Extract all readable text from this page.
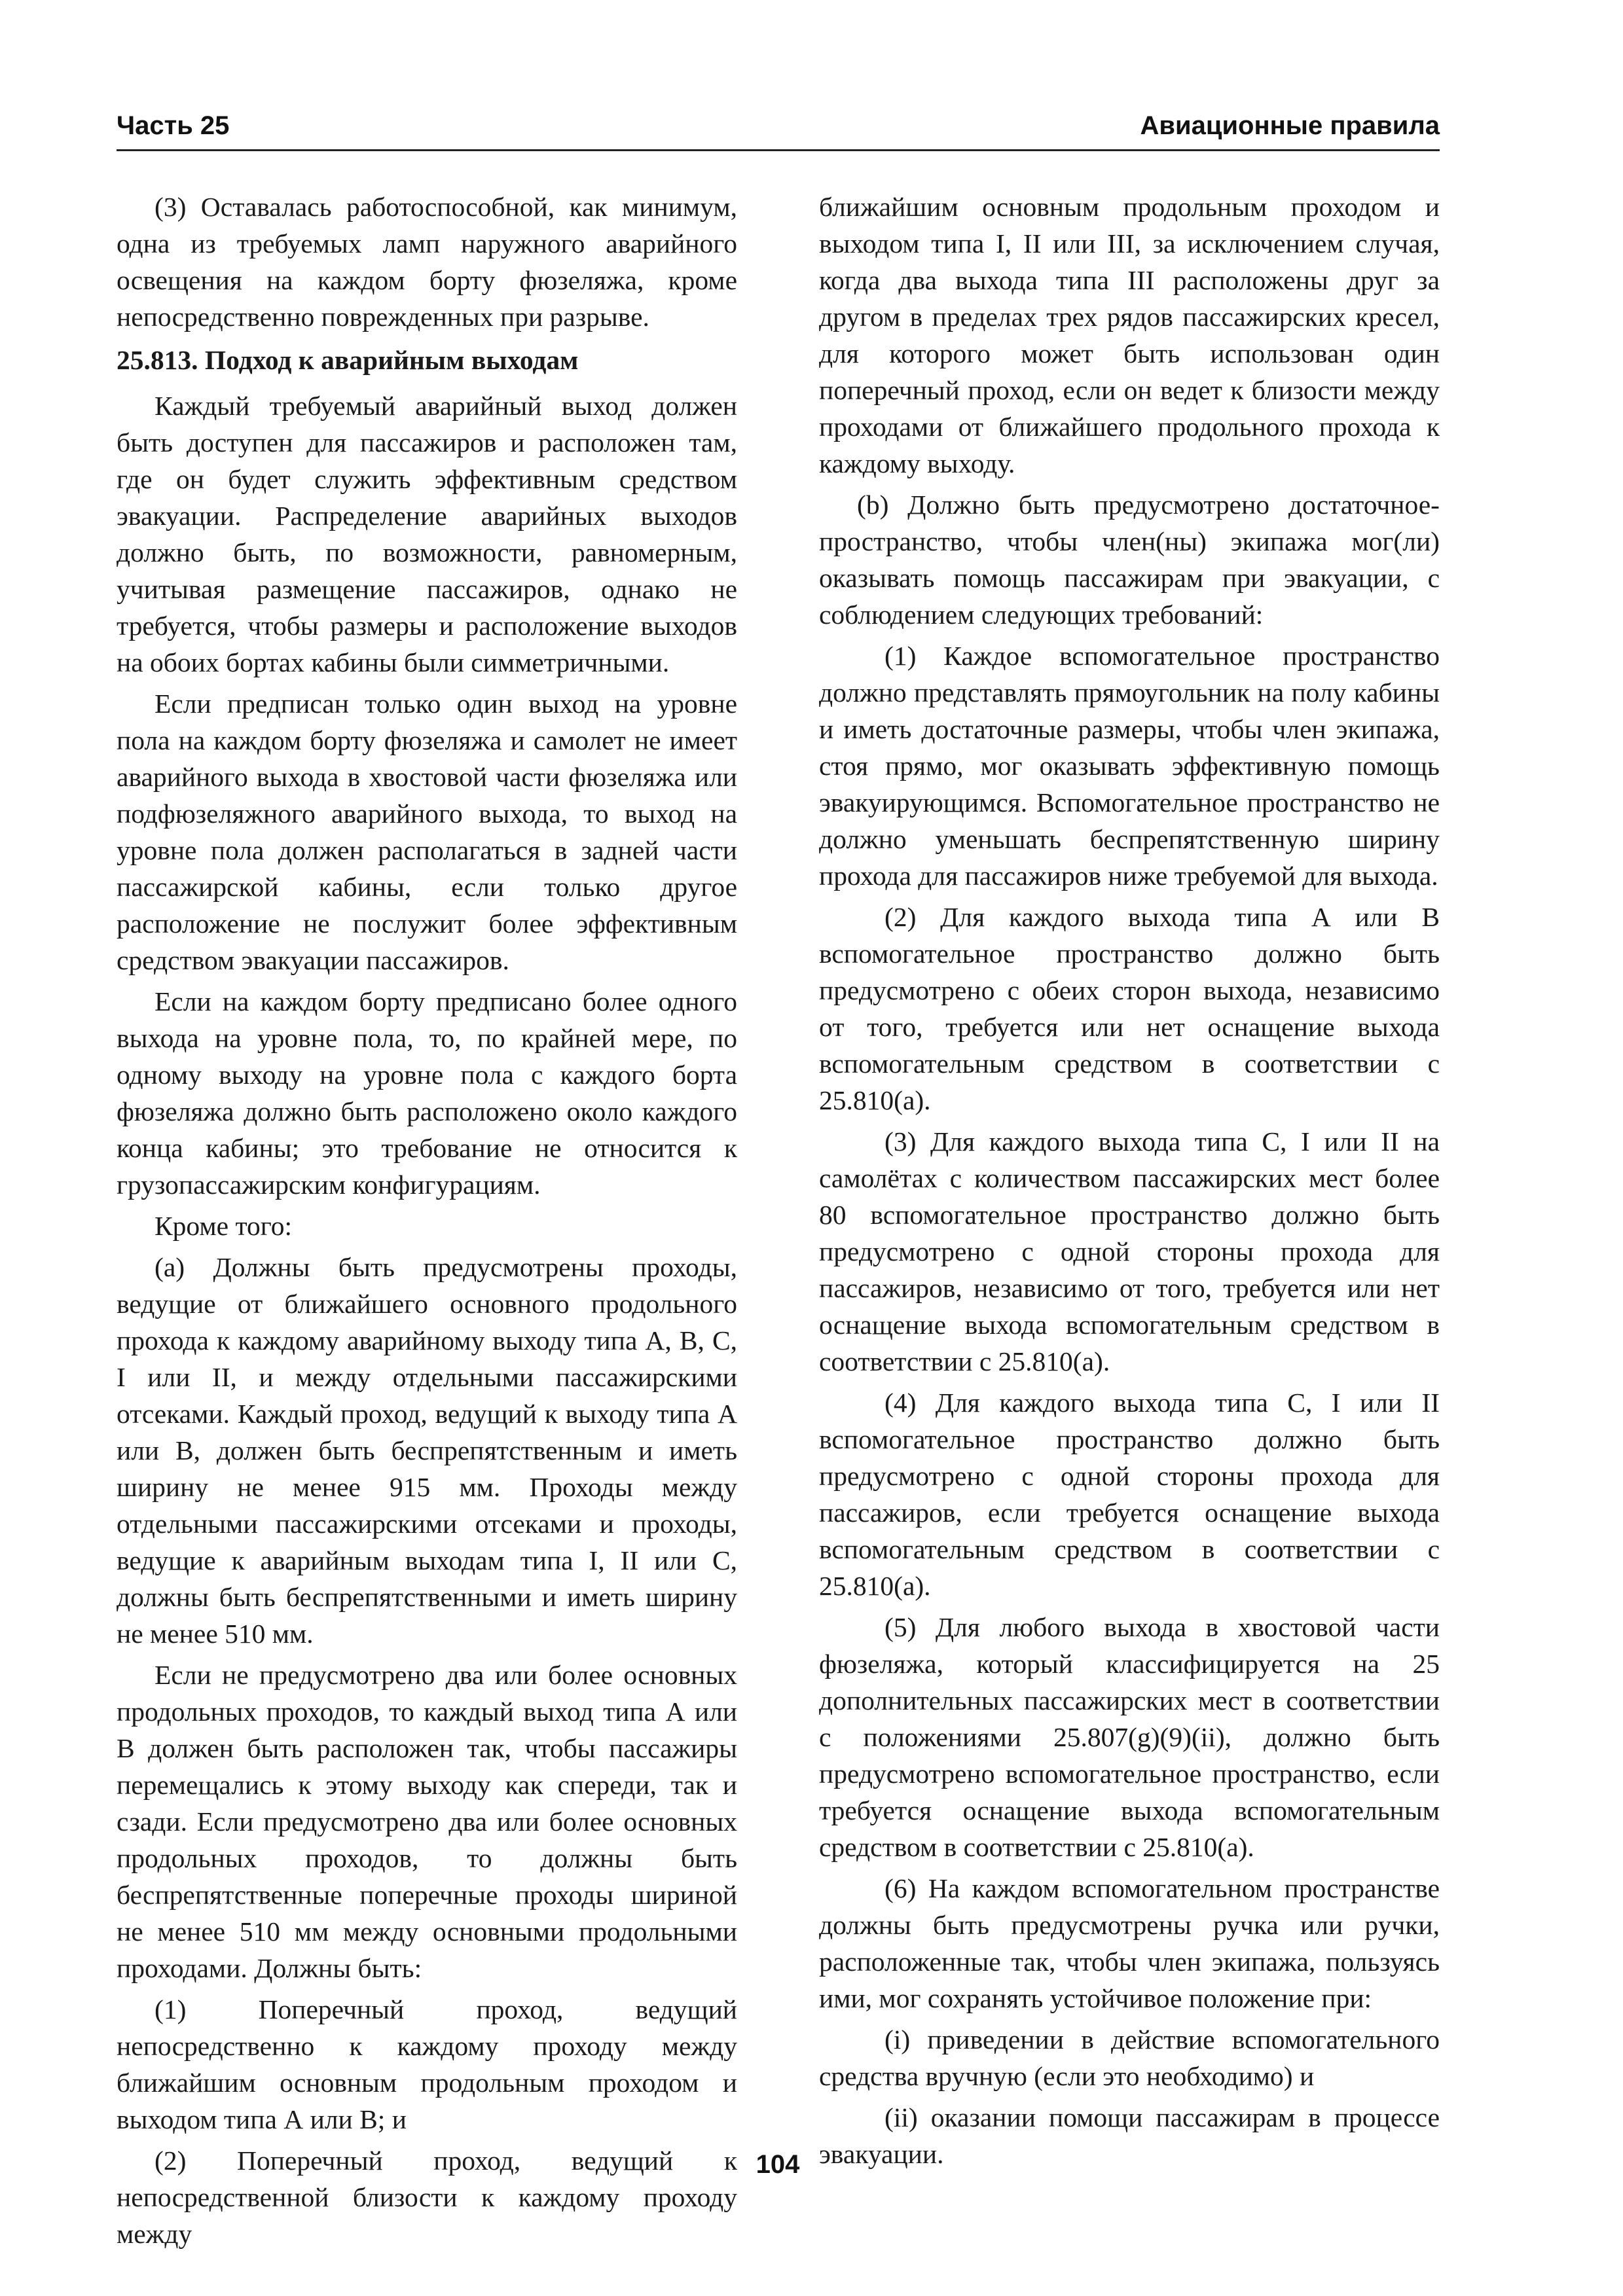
Часть 25	Авиационные правила

(3) Оставалась работоспособной, как минимум, одна из требуемых ламп наружного аварийного освещения на каждом борту фюзеляжа, кроме непосредственно поврежденных при разрыве.

25.813. Подход к аварийным выходам

Каждый требуемый аварийный выход должен быть доступен для пассажиров и расположен там, где он будет служить эффективным средством эвакуации. Распределение аварийных выходов должно быть, по возможности, равномерным, учитывая размещение пассажиров, однако не требуется, чтобы размеры и расположение выходов на обоих бортах кабины были симметричными.

Если предписан только один выход на уровне пола на каждом борту фюзеляжа и самолет не имеет аварийного выхода в хвостовой части фюзеляжа или подфюзеляжного аварийного выхода, то выход на уровне пола должен располагаться в задней части пассажирской кабины, если только другое расположение не послужит более эффективным средством эвакуации пассажиров.

Если на каждом борту предписано более одного выхода на уровне пола, то, по крайней мере, по одному выходу на уровне пола с каждого борта фюзеляжа должно быть расположено около каждого конца кабины; это требование не относится к грузопассажирским конфигурациям.

Кроме того:

(а) Должны быть предусмотрены проходы, ведущие от ближайшего основного продольного прохода к каждому аварийному выходу типа А, В, С, I или II, и между отдельными пассажирскими отсеками. Каждый проход, ведущий к выходу типа А или В, должен быть беспрепятственным и иметь ширину не менее 915 мм. Проходы между отдельными пассажирскими отсеками и проходы, ведущие к аварийным выходам типа I, II или С, должны быть беспрепятственными и иметь ширину не менее 510 мм.

Если не предусмотрено два или более основных продольных проходов, то каждый выход типа А или В должен быть расположен так, чтобы пассажиры перемещались к этому выходу как спереди, так и сзади. Если предусмотрено два или более основных продольных проходов, то должны быть беспрепятственные поперечные проходы шириной не менее 510 мм между основными продольными проходами. Должны быть:

(1) Поперечный проход, ведущий непосредственно к каждому проходу между ближайшим основным продольным проходом и выходом типа А или В; и

(2) Поперечный проход, ведущий к непосредственной близости к каждому проходу между

ближайшим основным продольным проходом и выходом типа I, II или III, за исключением случая, когда два выхода типа III расположены друг за другом в пределах трех рядов пассажирских кресел, для которого может быть использован один поперечный проход, если он ведет к близости между проходами от ближайшего продольного прохода к каждому выходу.

(b) Должно быть предусмотрено достаточное-пространство, чтобы член(ны) экипажа мог(ли) оказывать помощь пассажирам при эвакуации, с соблюдением следующих требований:

(1) Каждое вспомогательное пространство должно представлять прямоугольник на полу кабины и иметь достаточные размеры, чтобы член экипажа, стоя прямо, мог оказывать эффективную помощь эвакуирующимся. Вспомогательное пространство не должно уменьшать беспрепятственную ширину прохода для пассажиров ниже требуемой для выхода.

(2) Для каждого выхода типа А или В вспомогательное пространство должно быть предусмотрено с обеих сторон выхода, независимо от того, требуется или нет оснащение выхода вспомогательным средством в соответствии с 25.810(a).

(3) Для каждого выхода типа С, I или II на самолётах с количеством пассажирских мест более 80 вспомогательное пространство должно быть предусмотрено с одной стороны прохода для пассажиров, независимо от того, требуется или нет оснащение выхода вспомогательным средством в соответствии с 25.810(a).

(4) Для каждого выхода типа С, I или II вспомогательное пространство должно быть предусмотрено с одной стороны прохода для пассажиров, если требуется оснащение выхода вспомогательным средством в соответствии с 25.810(a).

(5) Для любого выхода в хвостовой части фюзеляжа, который классифицируется на 25 дополнительных пассажирских мест в соответствии с положениями 25.807(g)(9)(ii), должно быть предусмотрено вспомогательное пространство, если требуется оснащение выхода вспомогательным средством в соответствии с 25.810(a).

(6) На каждом вспомогательном пространстве должны быть предусмотрены ручка или ручки, расположенные так, чтобы член экипажа, пользуясь ими, мог сохранять устойчивое положение при:

(i) приведении в действие вспомогательного средства вручную (если это необходимо) и

(ii) оказании помощи пассажирам в процессе эвакуации.

104
